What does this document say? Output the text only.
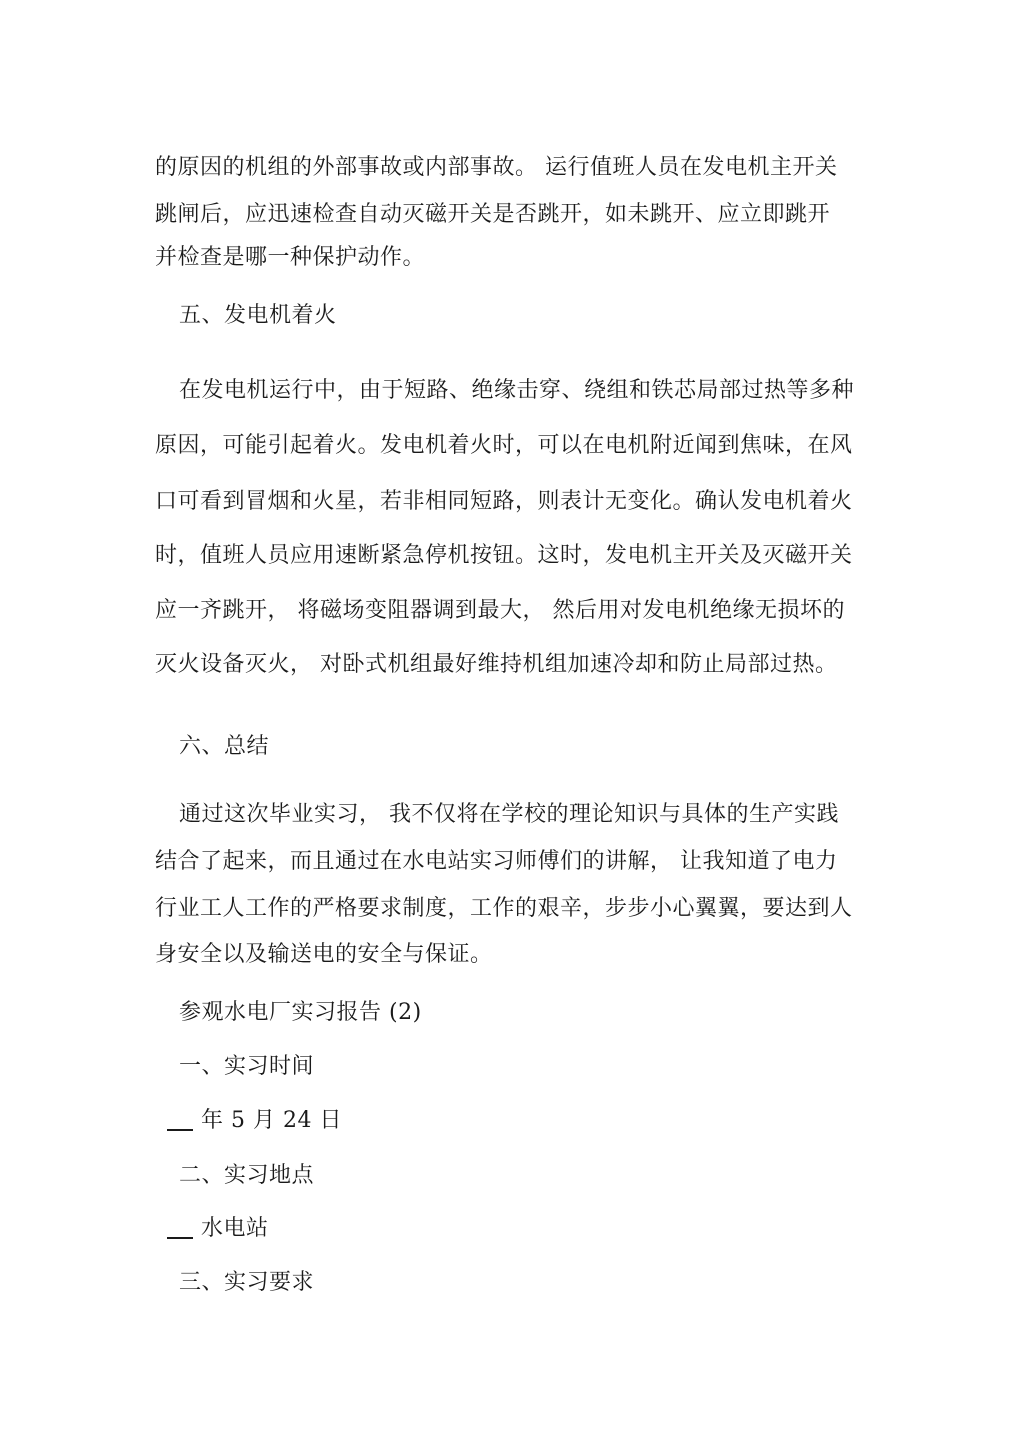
的原因的机组的外部事故或内部事故。 运行值班人员在发电机主开关
跳闸后，应迅速检查自动灭磁开关是否跳开，如未跳开、应立即跳开
并检查是哪一种保护动作。
五、发电机着火
在发电机运行中，由于短路、绝缘击穿、绕组和铁芯局部过热等多种
原因，可能引起着火。发电机着火时，可以在电机附近闻到焦味，在风
口可看到冒烟和火星，若非相同短路，则表计无变化。确认发电机着火
时，值班人员应用速断紧急停机按钮。这时，发电机主开关及灭磁开关
应一齐跳开， 将磁场变阻器调到最大， 然后用对发电机绝缘无损坏的
灭火设备灭火， 对卧式机组最好维持机组加速冷却和防止局部过热。
六、总结
通过这次毕业实习， 我不仅将在学校的理论知识与具体的生产实践
结合了起来，而且通过在水电站实习师傅们的讲解， 让我知道了电力
行业工人工作的严格要求制度，工作的艰辛，步步小心翼翼，要达到人
身安全以及输送电的安全与保证。
参观水电厂实习报告 (2)
一、实习时间
年 5 月 24 日
二、实习地点
水电站
三、实习要求
